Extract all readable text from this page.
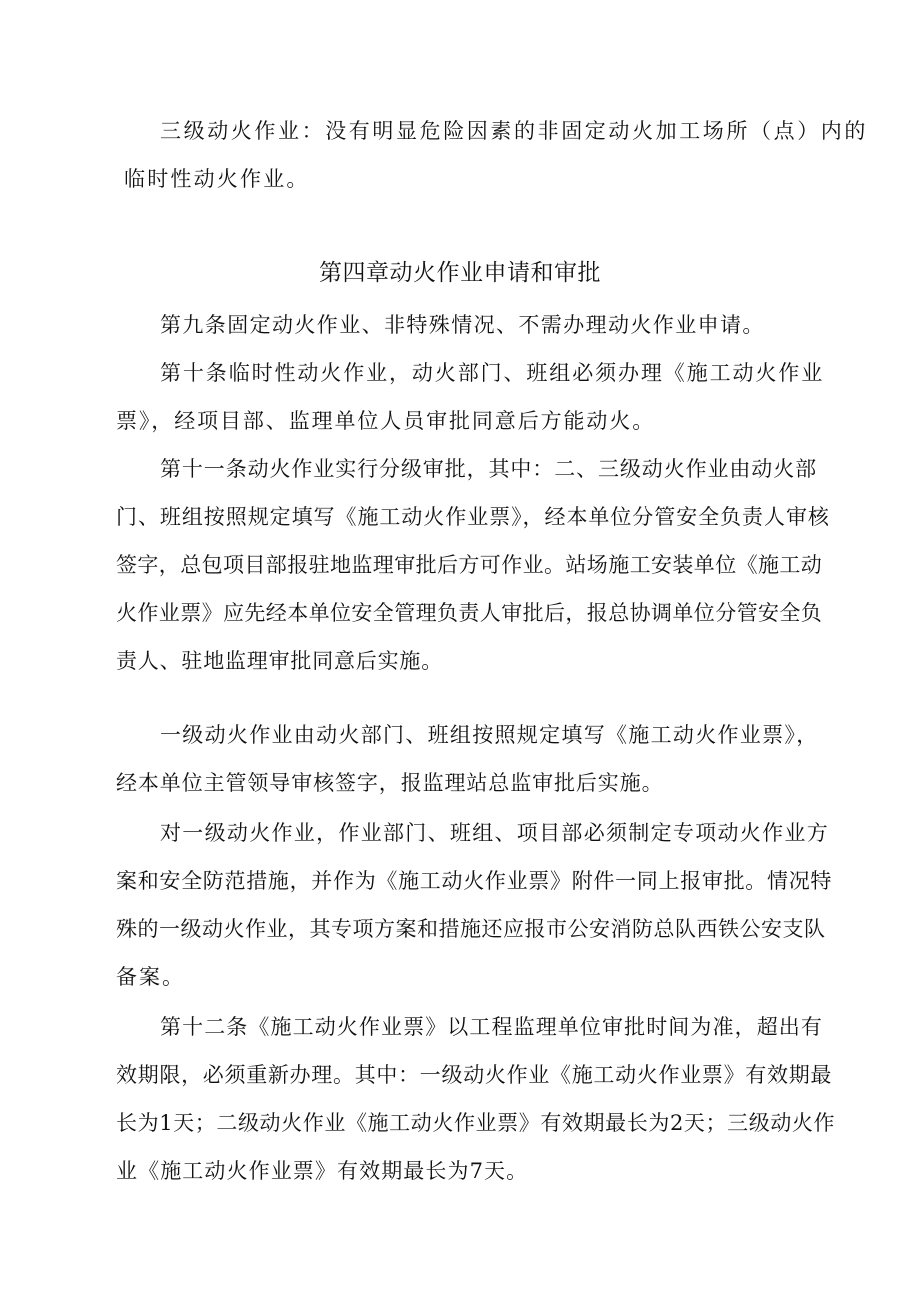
三级动火作业：没有明显危险因素的非固定动火加工场所（点）内的
临时性动火作业。
第四章动火作业申请和审批
第九条固定动火作业、非特殊情况、不需办理动火作业申请。
第十条临时性动火作业，动火部门、班组必须办理《施工动火作业
票》，经项目部、监理单位人员审批同意后方能动火。
第十一条动火作业实行分级审批，其中：二、三级动火作业由动火部
门、班组按照规定填写《施工动火作业票》，经本单位分管安全负责人审核
签字，总包项目部报驻地监理审批后方可作业。站场施工安装单位《施工动
火作业票》应先经本单位安全管理负责人审批后，报总协调单位分管安全负
责人、驻地监理审批同意后实施。
一级动火作业由动火部门、班组按照规定填写《施工动火作业票》，
经本单位主管领导审核签字，报监理站总监审批后实施。
对一级动火作业，作业部门、班组、项目部必须制定专项动火作业方
案和安全防范措施，并作为《施工动火作业票》附件一同上报审批。情况特
殊的一级动火作业，其专项方案和措施还应报市公安消防总队西铁公安支队
备案。
第十二条《施工动火作业票》以工程监理单位审批时间为准，超出有
效期限，必须重新办理。其中：一级动火作业《施工动火作业票》有效期最
长为1天；二级动火作业《施工动火作业票》有效期最长为2天；三级动火作
业《施工动火作业票》有效期最长为7天。
